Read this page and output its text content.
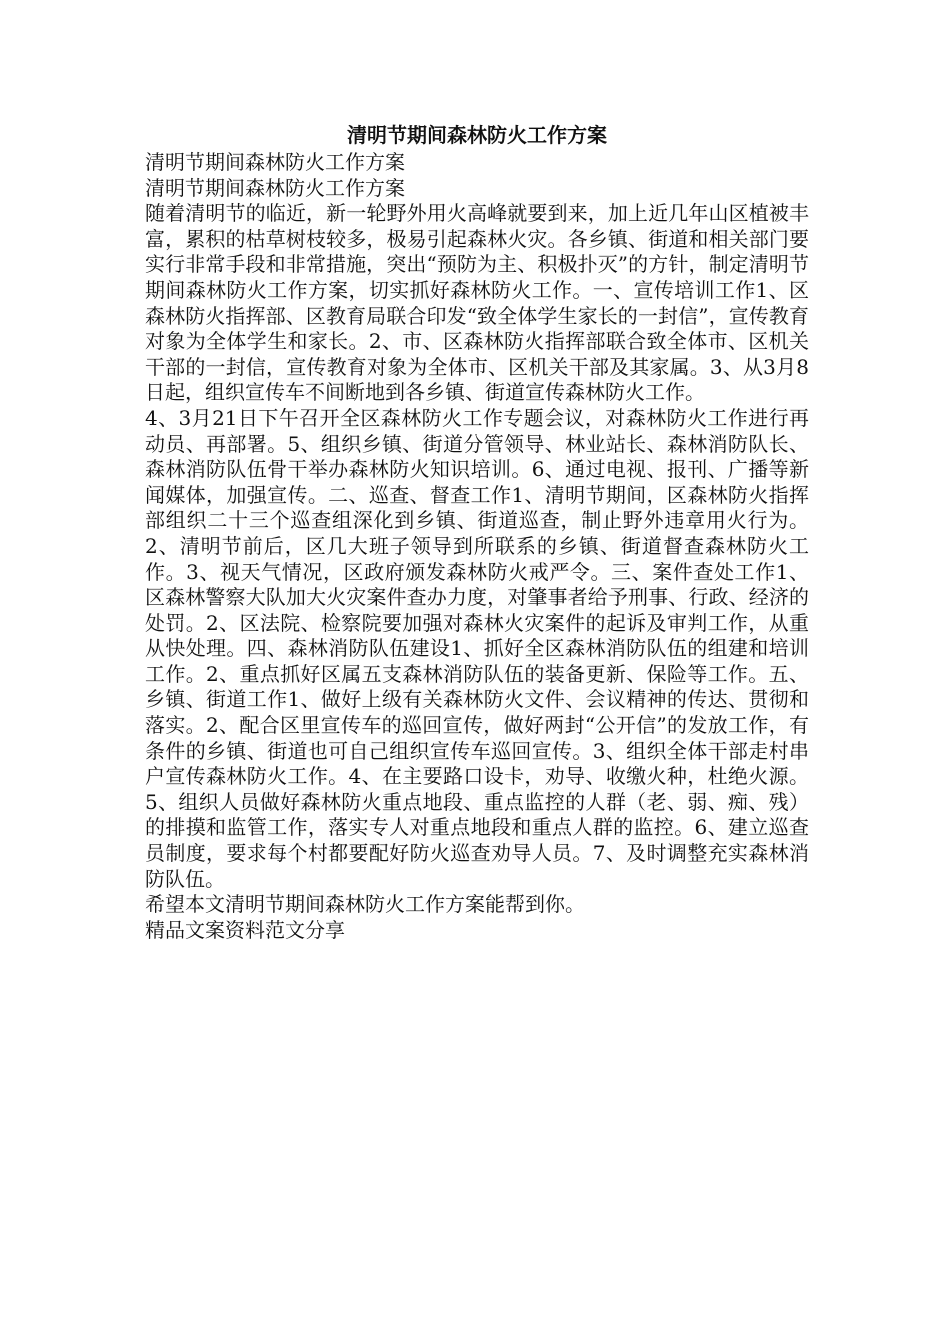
清明节期间森林防火工作方案
清明节期间森林防火工作方案
清明节期间森林防火工作方案

随着清明节的临近，新一轮野外用火高峰就要到来，加上近几年山区植被丰富，累积的枯草树枝较多，极易引起森林火灾。各乡镇、街道和相关部门要实行非常手段和非常措施，突出“预防为主、积极扑灭”的方针，制定清明节期间森林防火工作方案，切实抓好森林防火工作。一、宣传培训工作1、区森林防火指挥部、区教育局联合印发“致全体学生家长的一封信”，宣传教育对象为全体学生和家长。2、市、区森林防火指挥部联合致全体市、区机关干部的一封信，宣传教育对象为全体市、区机关干部及其家属。3、从3月8日起，组织宣传车不间断地到各乡镇、街道宣传森林防火工作。

4、3月21日下午召开全区森林防火工作专题会议，对森林防火工作进行再动员、再部署。5、组织乡镇、街道分管领导、林业站长、森林消防队长、森林消防队伍骨干举办森林防火知识培训。6、通过电视、报刊、广播等新闻媒体，加强宣传。二、巡查、督查工作1、清明节期间，区森林防火指挥部组织二十三个巡查组深化到乡镇、街道巡查，制止野外违章用火行为。2、清明节前后，区几大班子领导到所联系的乡镇、街道督查森林防火工作。3、视天气情况，区政府颁发森林防火戒严令。三、案件查处工作1、区森林警察大队加大火灾案件查办力度，对肇事者给予刑事、行政、经济的处罚。2、区法院、检察院要加强对森林火灾案件的起诉及审判工作，从重从快处理。四、森林消防队伍建设1、抓好全区森林消防队伍的组建和培训工作。2、重点抓好区属五支森林消防队伍的装备更新、保险等工作。五、乡镇、街道工作1、做好上级有关森林防火文件、会议精神的传达、贯彻和落实。2、配合区里宣传车的巡回宣传，做好两封“公开信”的发放工作，有条件的乡镇、街道也可自己组织宣传车巡回宣传。3、组织全体干部走村串户宣传森林防火工作。4、在主要路口设卡，劝导、收缴火种，杜绝火源。5、组织人员做好森林防火重点地段、重点监控的人群（老、弱、痴、残）的排摸和监管工作，落实专人对重点地段和重点人群的监控。6、建立巡查员制度，要求每个村都要配好防火巡查劝导人员。7、及时调整充实森林消防队伍。

希望本文清明节期间森林防火工作方案能帮到你。
精品文案资料范文分享
